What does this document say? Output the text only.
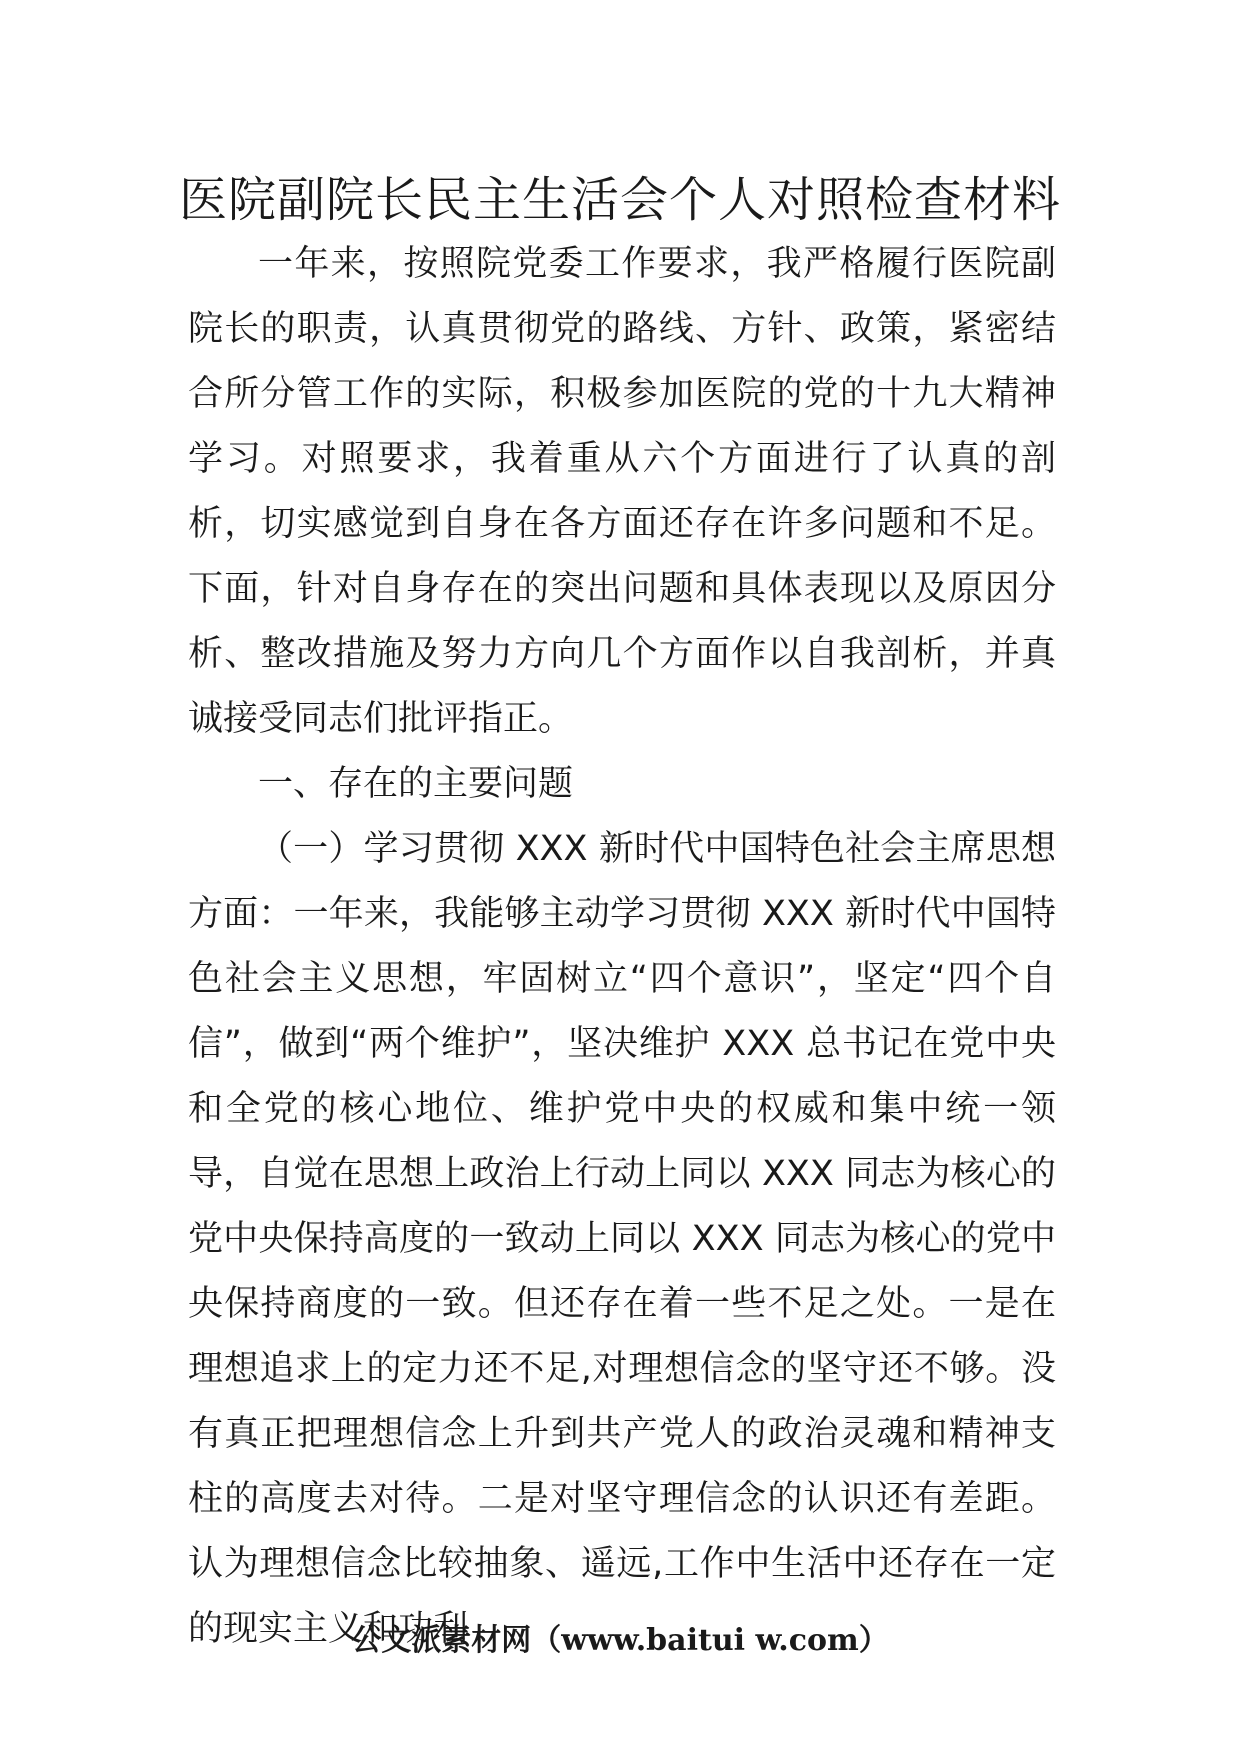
医院副院长民主生活会个人对照检查材料

一年来，按照院党委工作要求，我严格履行医院副院长的职责，认真贯彻党的路线、方针、政策，紧密结合所分管工作的实际，积极参加医院的党的十九大精神学习。对照要求，我着重从六个方面进行了认真的剖析，切实感觉到自身在各方面还存在许多问题和不足。下面，针对自身存在的突出问题和具体表现以及原因分析、整改措施及努力方向几个方面作以自我剖析，并真诚接受同志们批评指正。

一、存在的主要问题

（一）学习贯彻 XXX 新时代中国特色社会主席思想方面：一年来，我能够主动学习贯彻 XXX 新时代中国特色社会主义思想，牢固树立“四个意识”，坚定“四个自信”，做到“两个维护”，坚决维护 XXX 总书记在党中央和全党的核心地位、维护党中央的权威和集中统一领导，自觉在思想上政治上行动上同以 XXX 同志为核心的党中央保持高度的一致动上同以 XXX 同志为核心的党中央保持商度的一致。但还存在着一些不足之处。一是在理想追求上的定力还不足,对理想信念的坚守还不够。没有真正把理想信念上升到共产党人的政治灵魂和精神支柱的高度去对待。二是对坚守理信念的认识还有差距。认为理想信念比较抽象、遥远,工作中生活中还存在一定的现实主义和功利

公文派素材网（www.baitui w.com）
